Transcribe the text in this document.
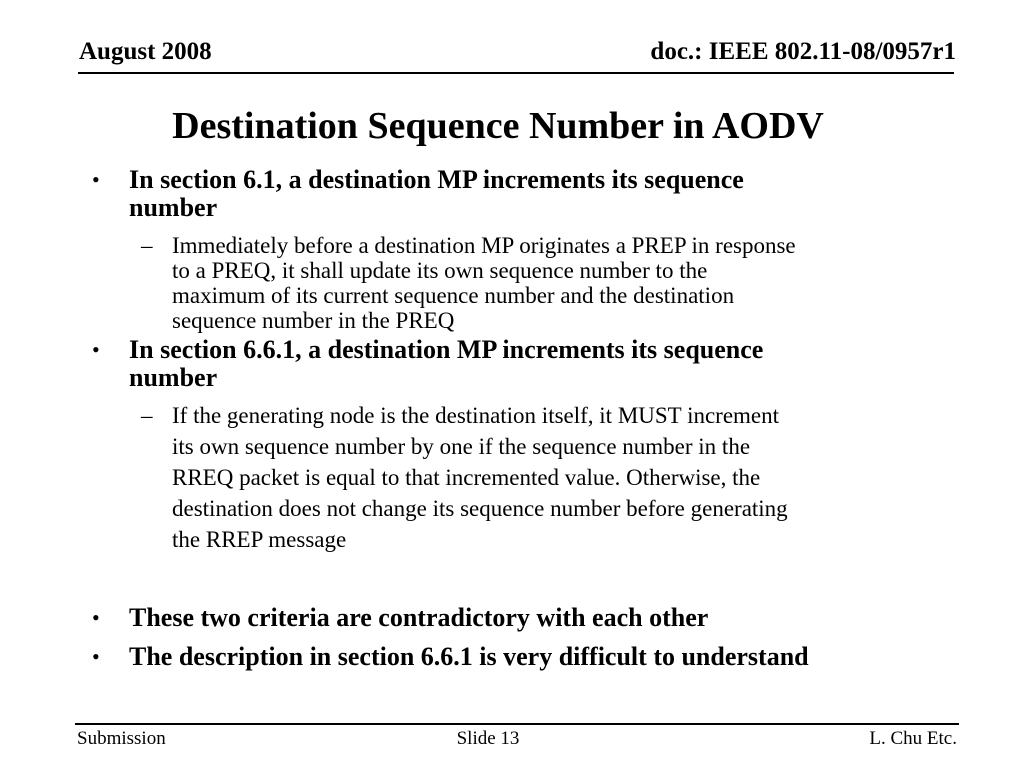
August 2008	doc.: IEEE 802.11-08/0957r1
Destination Sequence Number in AODV
•	In section 6.1, a destination MP increments its sequence
number
– Immediately before a destination MP originates a PREP in response
to a PREQ, it shall update its own sequence number to the
maximum of its current sequence number and the destination
sequence number in the PREQ
•	In section 6.6.1, a destination MP increments its sequence
number
– If the generating node is the destination itself, it MUST increment
its own sequence number by one if the sequence number in the
RREQ packet is equal to that incremented value. Otherwise, the
destination does not change its sequence number before generating
the RREP message
•	These two criteria are contradictory with each other
•	The description in section 6.6.1 is very difficult to understand
Submission	Slide 13	L. Chu Etc.
